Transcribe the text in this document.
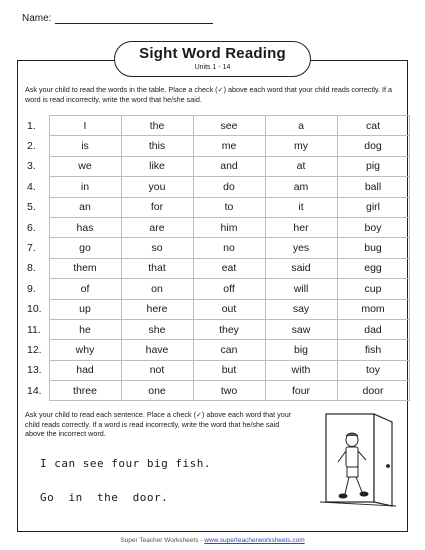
Name:
Sight Word Reading
Units 1 - 14
Ask your child to read the words in the table. Place a check (✓) above each word that your child reads correctly. If a word is read incorrectly, write the word that he/she said.
1.	I	the	see	a	cat
2.	is	this	me	my	dog
3.	we	like	and	at	pig
4.	in	you	do	am	ball
5.	an	for	to	it	girl
6.	has	are	him	her	boy
7.	go	so	no	yes	bug
8.	them	that	eat	said	egg
9.	of	on	off	will	cup
10.	up	here	out	say	mom
11.	he	she	they	saw	dad
12.	why	have	can	big	fish
13.	had	not	but	with	toy
14.	three	one	two	four	door
Ask your child to read each sentence. Place a check (✓) above each word that your child reads correctly. If a word is read incorrectly, write the word that he/she said above the incorrect word.
I can see four big fish.
Go  in  the  door.
Super Teacher Worksheets - www.superteacherworksheets.com
